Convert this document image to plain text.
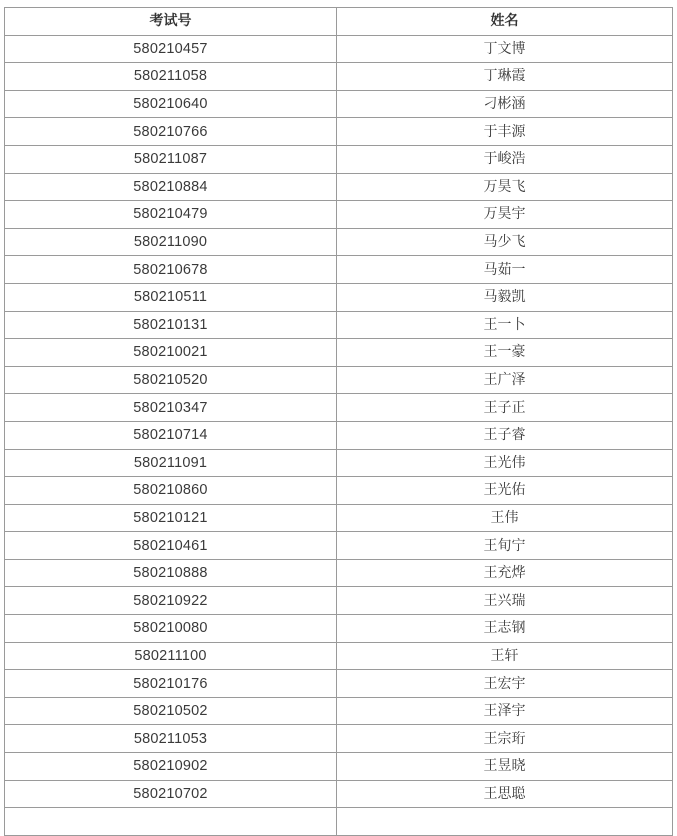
考试号	姓名
580210457	丁文博
580211058	丁琳霞
580210640	刁彬涵
580210766	于丰源
580211087	于峻浩
580210884	万昊飞
580210479	万昊宇
580211090	马少飞
580210678	马茹一
580210511	马毅凯
580210131	王一卜
580210021	王一豪
580210520	王广泽
580210347	王子正
580210714	王子睿
580211091	王光伟
580210860	王光佑
580210121	王伟
580210461	王旬宁
580210888	王充烨
580210922	王兴瑞
580210080	王志钢
580211100	王轩
580210176	王宏宇
580210502	王泽宇
580211053	王宗珩
580210902	王昱晓
580210702	王思聪
